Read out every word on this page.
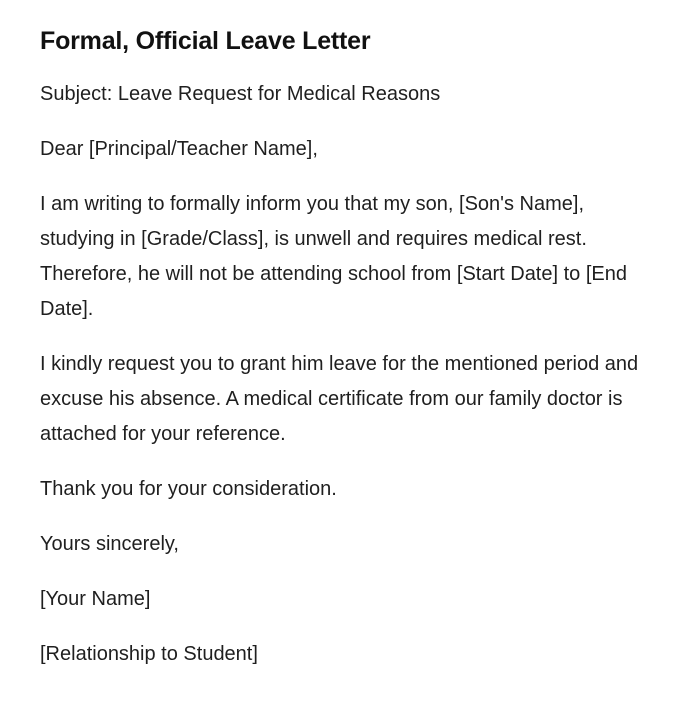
Formal, Official Leave Letter

Subject: Leave Request for Medical Reasons

Dear [Principal/Teacher Name],

I am writing to formally inform you that my son, [Son's Name], studying in [Grade/Class], is unwell and requires medical rest. Therefore, he will not be attending school from [Start Date] to [End Date].

I kindly request you to grant him leave for the mentioned period and excuse his absence. A medical certificate from our family doctor is attached for your reference.

Thank you for your consideration.

Yours sincerely,

[Your Name]

[Relationship to Student]
